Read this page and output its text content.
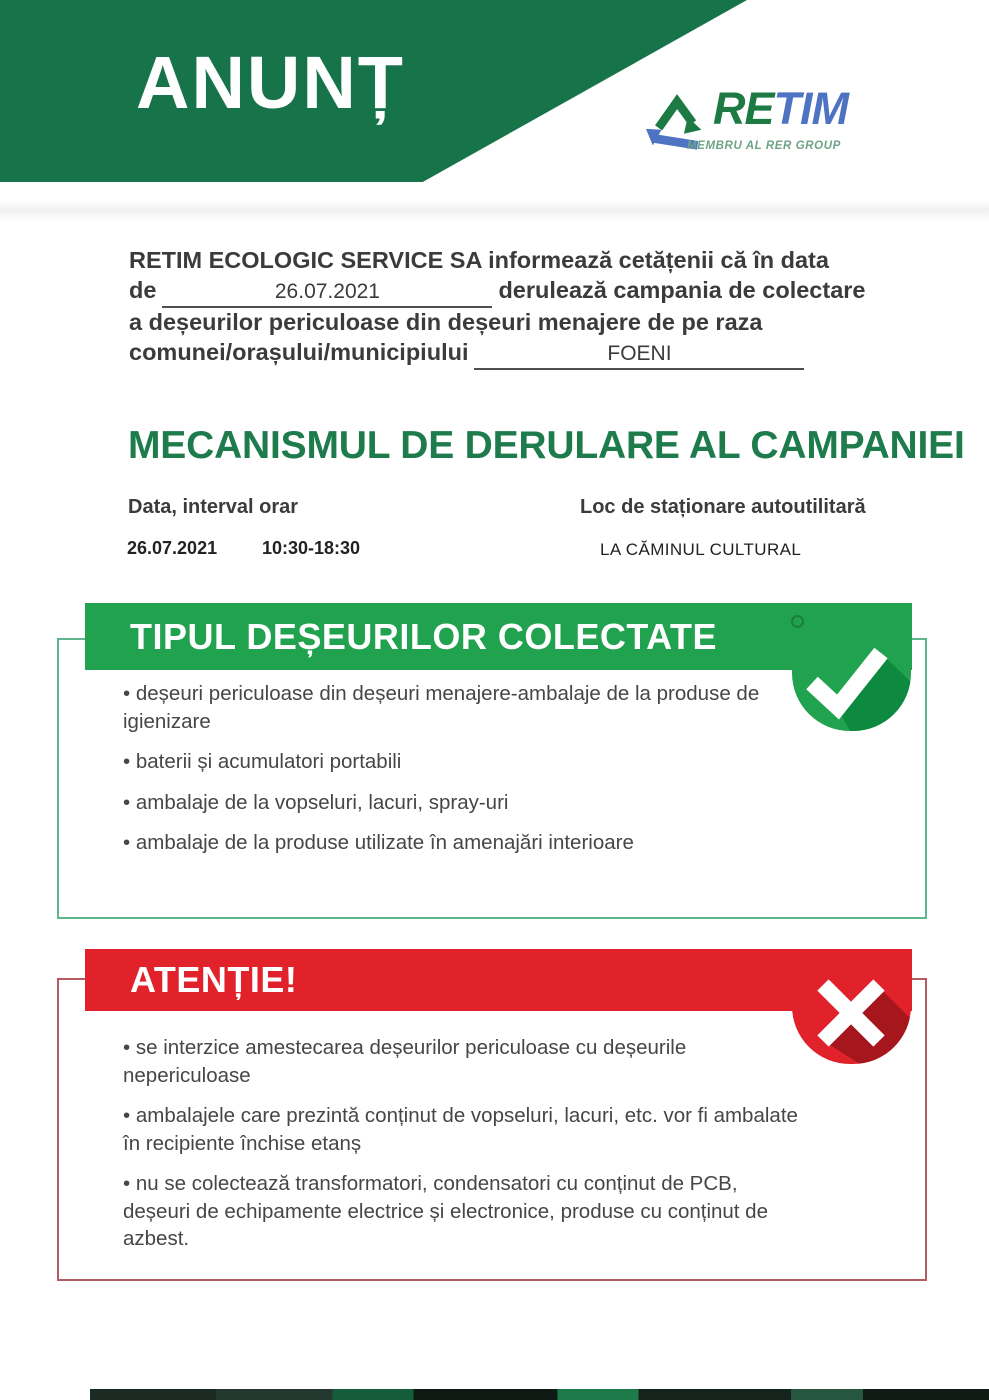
ANUNȚ	RETIM
MEMBRU AL RER GROUP
RETIM ECOLOGIC SERVICE SA informează cetățenii că în data
de	26.07.2021	derulează campania de colectare
a deșeurilor periculoase din deșeuri menajere de pe raza
comunei/orașului/municipiului	FOENI
MECANISMUL DE DERULARE AL CAMPANIEI
Data, interval orar	Loc de staționare autoutilitară
26.07.2021 10:30-18:30	LA CĂMINUL CULTURAL
TIPUL DEȘEURILOR COLECTATE
• deșeuri periculoase din deșeuri menajere-ambalaje de la produse de igienizare
• baterii și acumulatori portabili
• ambalaje de la vopseluri, lacuri, spray-uri
• ambalaje de la produse utilizate în amenajări interioare
ATENȚIE!
• se interzice amestecarea deșeurilor periculoase cu deșeurile nepericuloase
• ambalajele care prezintă conținut de vopseluri, lacuri, etc. vor fi ambalate în recipiente închise etanș
• nu se colectează transformatori, condensatori cu conținut de PCB, deșeuri de echipamente electrice și electronice, produse cu conținut de azbest.
